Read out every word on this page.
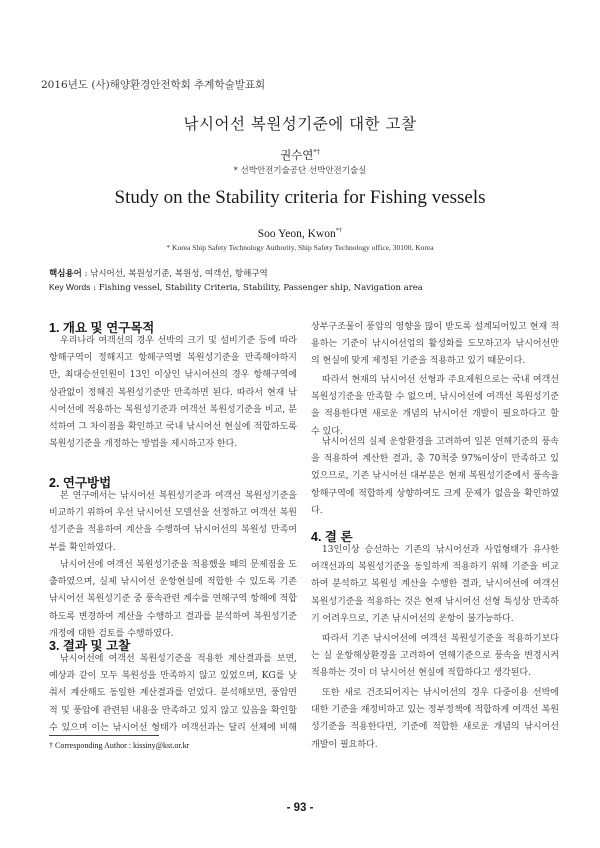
2016년도 (사)해양환경안전학회 추계학술발표회
낚시어선 복원성기준에 대한 고찰
권수연*†
* 선박안전기술공단 선박안전기술실
Study on the Stability criteria for Fishing vessels
Soo Yeon, Kwon*†
* Korea Ship Safety Technology Authority, Ship Safety Technology office, 30100, Korea
핵심용어 : 낚시어선, 복원성기준, 복원성, 여객선, 항해구역
Key Words : Fishing vessel, Stability Criteria, Stability, Passenger ship, Navigation area
1. 개요 및 연구목적

우리나라 여객선의 경우 선박의 크기 및 설비기준 등에 따라 항해구역이 정해지고 항해구역별 복원성기준을 만족해야하지만, 최대승선인원이 13인 이상인 낚시어선의 경우 항해구역에 상관없이 정해진 복원성기준만 만족하면 된다. 따라서 현재 낚시어선에 적용하는 복원성기준과 여객선 복원성기준을 비교, 분석하여 그 차이점을 확인하고 국내 낚시어선 현실에 적합하도록 복원성기준을 개정하는 방법을 제시하고자 한다.

2. 연구방법

본 연구에서는 낚시어선 복원성기준과 여객선 복원성기준을 비교하기 위하여 우선 낚시어선 모델선을 선정하고 여객선 복원성기준을 적용하여 계산을 수행하여 낚시어선의 복원성 만족여부를 확인하였다.

낚시어선에 여객선 복원성기준을 적용했을 때의 문제점을 도출하였으며, 실제 낚시어선 운항현실에 적합한 수 있도록 기존 낚시어선 복원성기준 중 풍속관련 계수를 연해구역 항해에 적합하도록 변경하여 계산을 수행하고 결과를 분석하여 복원성기준 개정에 대한 검토를 수행하였다.

3. 결과 및 고찰

낚시어선에 여객선 복원성기준을 적용한 계산결과를 보면, 예상과 같이 모두 복원성을 만족하지 않고 있었으며, KG를 낮춰서 계산해도 동일한 계산결과를 얻었다. 분석해보면, 풍압면적 및 풍압에 관련된 내용을 만족하고 있지 않고 있음을 확인할 수 있으며 이는 낚시어선 형태가 여객선과는 달리 선체에 비해

† Corresponding Author : kissiny@kst.or.kr

상부구조물이 풍압의 영향을 많이 받도록 설계되어있고 현재 적용하는 기준이 낚시어선업의 활성화를 도모하고자 낚시어선만의 현실에 맞게 제정된 기준을 적용하고 있기 때문이다.

따라서 현재의 낚시어선 선형과 주요제원으로는 국내 여객선 복원성기준을 만족할 수 없으며, 낚시어선에 여객선 복원성기준을 적용한다면 새로운 개념의 낚시어선 개발이 필요하다고 할 수 있다.

낚시어선의 실제 운항환경을 고려하여 일본 연해기준의 풍속을 적용하여 계산한 결과, 총 70척중 97%이상이 만족하고 있었으므로, 기존 낚시어선 대부분은 현재 복원성기준에서 풍속을 항해구역에 적합하게 상향하여도 크게 문제가 없음을 확인하였다.

4. 결 론

13인이상 승선하는 기존의 낚시어선과 사업형태가 유사한 여객선과의 복원성기준을 동일하게 적용하기 위해 기준을 비교하여 분석하고 복원성 계산을 수행한 결과, 낚시어선에 여객선 복원성기준을 적용하는 것은 현재 낚시어선 선형 특성상 만족하기 어려우므로, 기존 낚시어선의 운항이 불가능하다.

따라서 기존 낚시어선에 여객선 복원성기준을 적용하기보다는 실 운항해상환경을 고려하여 연해기준으로 풍속을 변경시켜 적용하는 것이 더 낚시어선 현실에 적합하다고 생각된다.

또한 새로 건조되어지는 낚시어선의 경우 다중이용 선박에 대한 기준을 재정비하고 있는 정부정책에 적합하게 여객선 복원성기준을 적용한다면, 기준에 적합한 새로운 개념의 낚시어선 개발이 필요하다.

- 93 -
